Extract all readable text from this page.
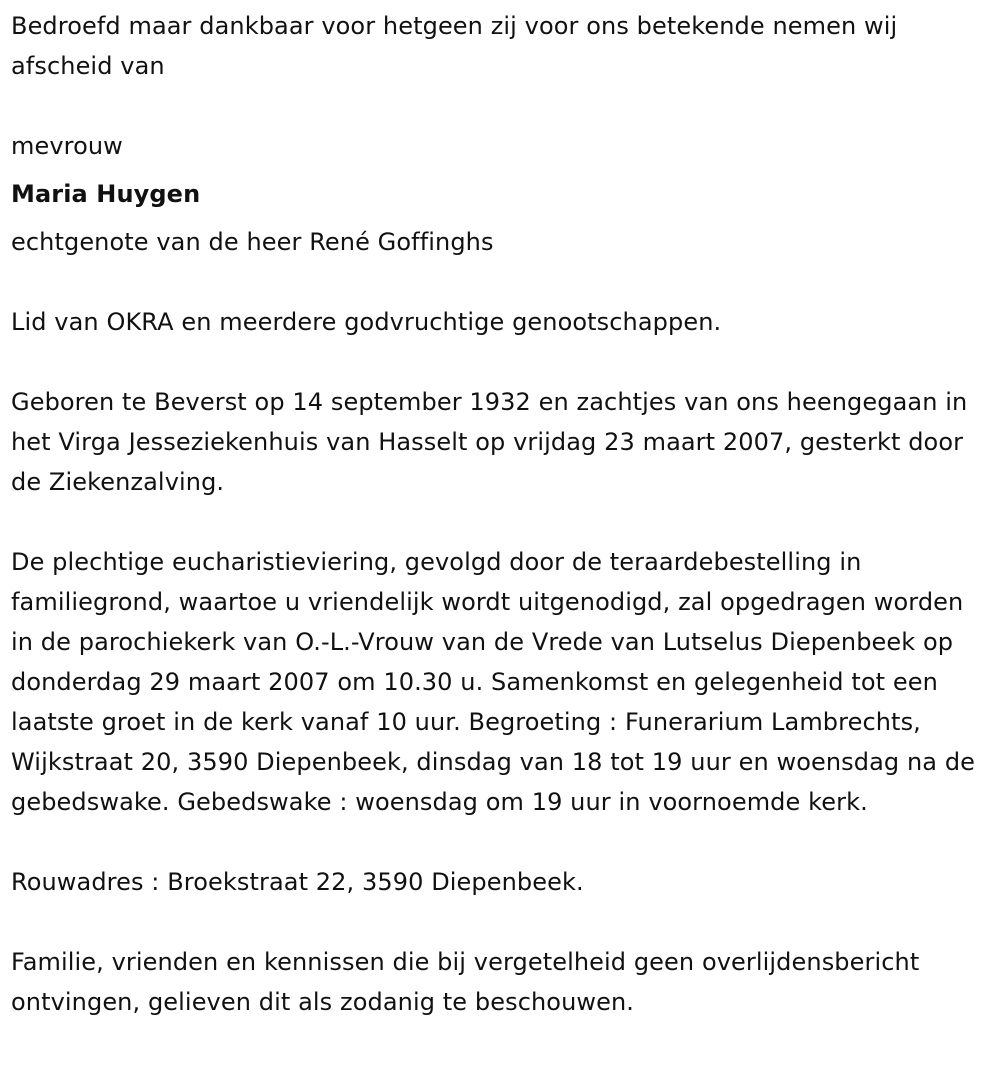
Bedroefd maar dankbaar voor hetgeen zij voor ons betekende nemen wij afscheid van

mevrouw

Maria Huygen

echtgenote van de heer René Goffinghs

Lid van OKRA en meerdere godvruchtige genootschappen.

Geboren te Beverst op 14 september 1932 en zachtjes van ons heengegaan in het Virga Jesseziekenhuis van Hasselt op vrijdag 23 maart 2007, gesterkt door de Ziekenzalving.

De plechtige eucharistieviering, gevolgd door de teraardebestelling in familiegrond, waartoe u vriendelijk wordt uitgenodigd, zal opgedragen worden in de parochiekerk van O.-L.-Vrouw van de Vrede van Lutselus Diepenbeek op donderdag 29 maart 2007 om 10.30 u. Samenkomst en gelegenheid tot een laatste groet in de kerk vanaf 10 uur. Begroeting : Funerarium Lambrechts, Wijkstraat 20, 3590 Diepenbeek, dinsdag van 18 tot 19 uur en woensdag na de gebedswake. Gebedswake : woensdag om 19 uur in voornoemde kerk.

Rouwadres : Broekstraat 22, 3590 Diepenbeek.

Familie, vrienden en kennissen die bij vergetelheid geen overlijdensbericht ontvingen, gelieven dit als zodanig te beschouwen.
